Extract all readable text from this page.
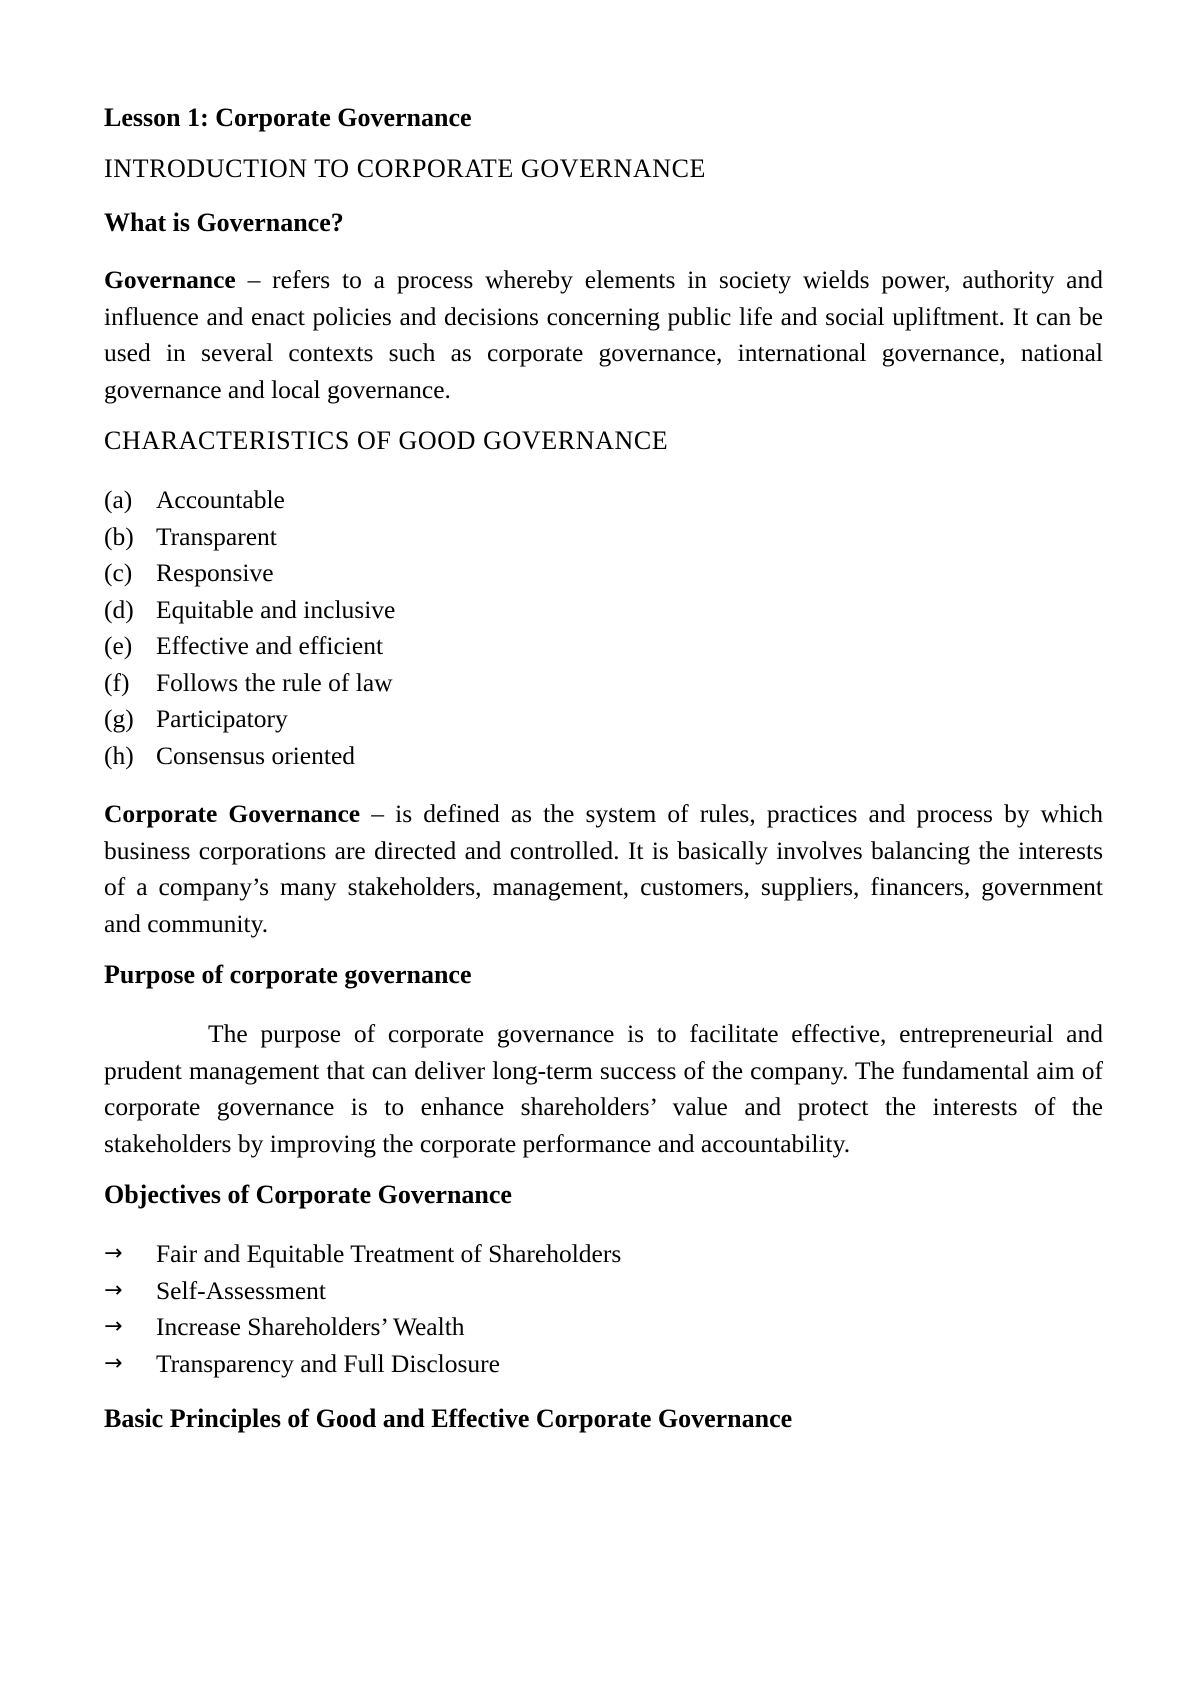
Lesson 1: Corporate Governance
INTRODUCTION TO CORPORATE GOVERNANCE
What is Governance?

Governance – refers to a process whereby elements in society wields power, authority and influence and enact policies and decisions concerning public life and social upliftment. It can be used in several contexts such as corporate governance, international governance, national governance and local governance.

CHARACTERISTICS OF GOOD GOVERNANCE
(a) Accountable
(b) Transparent
(c) Responsive
(d) Equitable and inclusive
(e) Effective and efficient
(f)	Follows the rule of law
(g) Participatory
(h) Consensus oriented

Corporate Governance – is defined as the system of rules, practices and process by which business corporations are directed and controlled. It is basically involves balancing the interests of a company’s many stakeholders, management, customers, suppliers, financers, government and community.

Purpose of corporate governance

The purpose of corporate governance is to facilitate effective, entrepreneurial and prudent management that can deliver long-term success of the company. The fundamental aim of corporate governance is to enhance shareholders’ value and protect the interests of the stakeholders by improving the corporate performance and accountability.

Objectives of Corporate Governance
→	Fair and Equitable Treatment of Shareholders
→	Self-Assessment
→	Increase Shareholders’ Wealth
→	Transparency and Full Disclosure
Basic Principles of Good and Effective Corporate Governance
